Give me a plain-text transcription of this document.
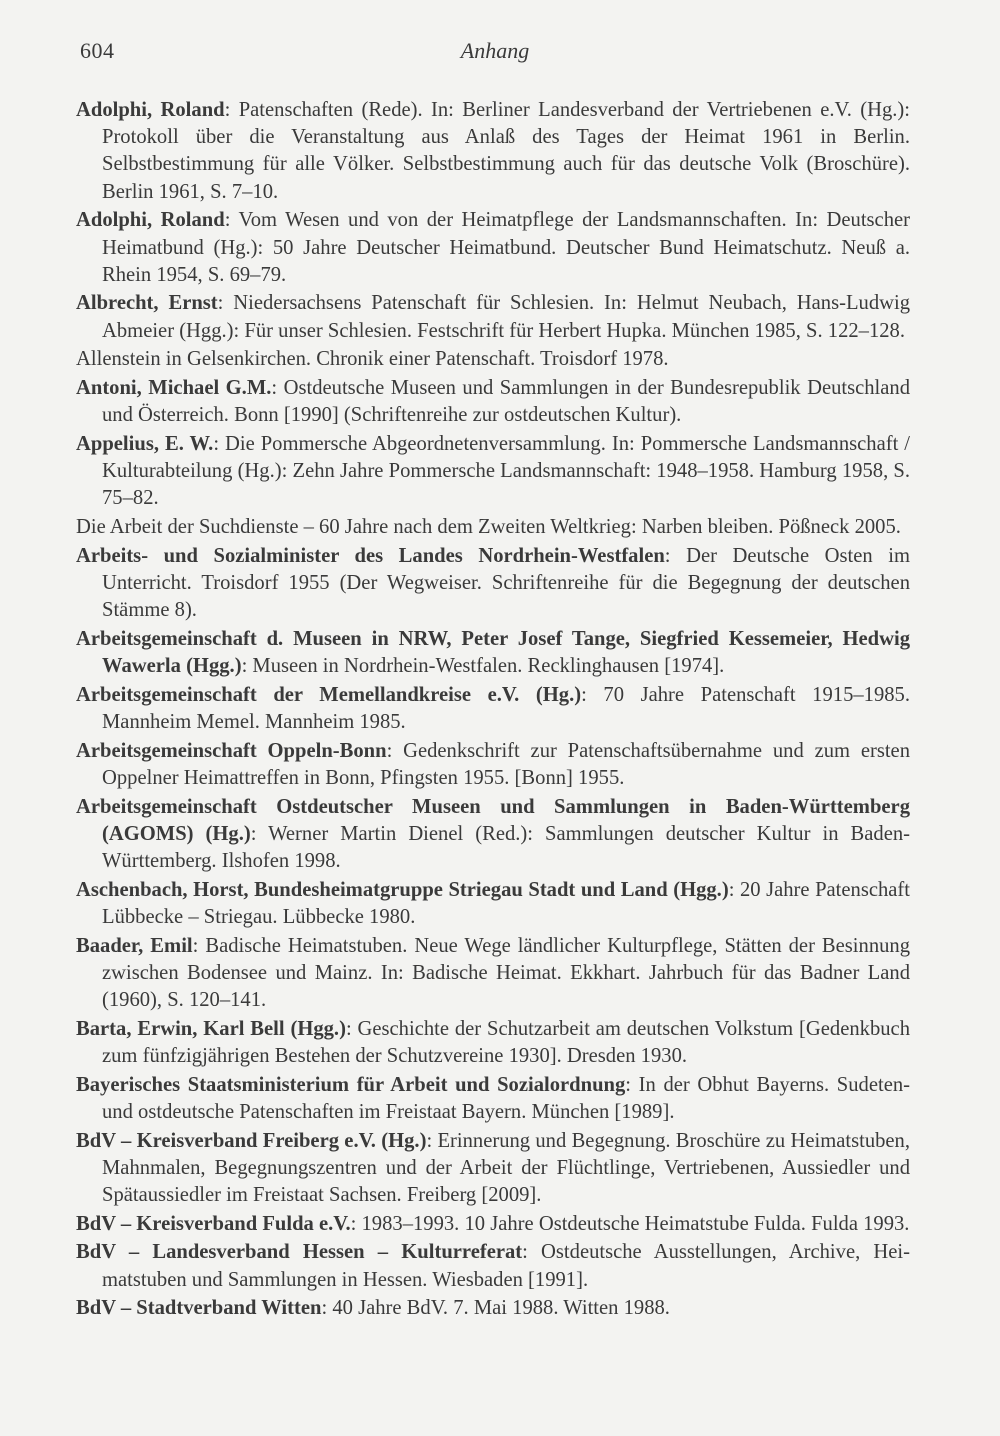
604	Anhang

Adolphi, Roland: Patenschaften (Rede). In: Berliner Landesverband der Vertriebenen e.V. (Hg.): Protokoll über die Veranstaltung aus Anlaß des Tages der Heimat 1961 in Berlin. Selbstbestimmung für alle Völker. Selbstbestimmung auch für das deutsche Volk (Broschüre). Berlin 1961, S. 7–10.

Adolphi, Roland: Vom Wesen und von der Heimatpflege der Landsmannschaften. In: Deutscher Heimatbund (Hg.): 50 Jahre Deutscher Heimatbund. Deutscher Bund Heimatschutz. Neuß a. Rhein 1954, S. 69–79.

Albrecht, Ernst: Niedersachsens Patenschaft für Schlesien. In: Helmut Neubach, Hans-Ludwig Abmeier (Hgg.): Für unser Schlesien. Festschrift für Herbert Hupka. München 1985, S. 122–128.

Allenstein in Gelsenkirchen. Chronik einer Patenschaft. Troisdorf 1978.

Antoni, Michael G.M.: Ostdeutsche Museen und Sammlungen in der Bundesrepublik Deutschland und Österreich. Bonn [1990] (Schriftenreihe zur ostdeutschen Kultur).

Appelius, E. W.: Die Pommersche Abgeordnetenversammlung. In: Pommersche Landsmannschaft / Kulturabteilung (Hg.): Zehn Jahre Pommersche Landsmannschaft: 1948–1958. Hamburg 1958, S. 75–82.

Die Arbeit der Suchdienste – 60 Jahre nach dem Zweiten Weltkrieg: Narben bleiben. Pößneck 2005.

Arbeits- und Sozialminister des Landes Nordrhein-Westfalen: Der Deutsche Osten im Unterricht. Troisdorf 1955 (Der Wegweiser. Schriftenreihe für die Begegnung der deutschen Stämme 8).

Arbeitsgemeinschaft d. Museen in NRW, Peter Josef Tange, Siegfried Kessemeier, Hedwig Wawerla (Hgg.): Museen in Nordrhein-Westfalen. Recklinghausen [1974].

Arbeitsgemeinschaft der Memellandkreise e.V. (Hg.): 70 Jahre Patenschaft 1915–1985. Mannheim Memel. Mannheim 1985.

Arbeitsgemeinschaft Oppeln-Bonn: Gedenkschrift zur Patenschaftsübernahme und zum ersten Oppelner Heimattreffen in Bonn, Pfingsten 1955. [Bonn] 1955.

Arbeitsgemeinschaft Ostdeutscher Museen und Sammlungen in Baden-Württemberg (AGOMS) (Hg.): Werner Martin Dienel (Red.): Sammlungen deutscher Kultur in Baden-Württemberg. Ilshofen 1998.

Aschenbach, Horst, Bundesheimatgruppe Striegau Stadt und Land (Hgg.): 20 Jahre Patenschaft Lübbecke – Striegau. Lübbecke 1980.

Baader, Emil: Badische Heimatstuben. Neue Wege ländlicher Kulturpflege, Stätten der Besinnung zwischen Bodensee und Mainz. In: Badische Heimat. Ekkhart. Jahrbuch für das Badner Land (1960), S. 120–141.

Barta, Erwin, Karl Bell (Hgg.): Geschichte der Schutzarbeit am deutschen Volkstum [Gedenkbuch zum fünfzigjährigen Bestehen der Schutzvereine 1930]. Dresden 1930.

Bayerisches Staatsministerium für Arbeit und Sozialordnung: In der Obhut Bayerns. Sudeten- und ostdeutsche Patenschaften im Freistaat Bayern. München [1989].

BdV – Kreisverband Freiberg e.V. (Hg.): Erinnerung und Begegnung. Broschüre zu Heimatstuben, Mahnmalen, Begegnungszentren und der Arbeit der Flüchtlinge, Vertriebenen, Aussiedler und Spätaussiedler im Freistaat Sachsen. Freiberg [2009].

BdV – Kreisverband Fulda e.V.: 1983–1993. 10 Jahre Ostdeutsche Heimatstube Fulda. Fulda 1993.

BdV – Landesverband Hessen – Kulturreferat: Ostdeutsche Ausstellungen, Archive, Heimatstuben und Sammlungen in Hessen. Wiesbaden [1991].

BdV – Stadtverband Witten: 40 Jahre BdV. 7. Mai 1988. Witten 1988.
